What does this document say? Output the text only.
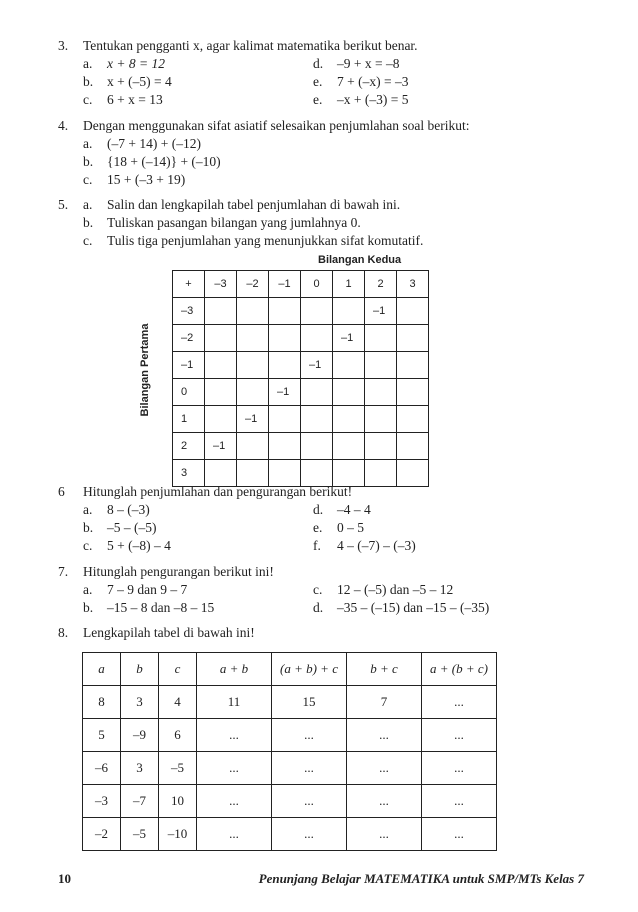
3. Tentukan pengganti x, agar kalimat matematika berikut benar.
a. x + 8 = 12	d. –9 + x = –8
b. x + (–5) = 4	e. 7 + (–x) = –3
c. 6 + x = 13	e. –x + (–3) = 5
4. Dengan menggunakan sifat asiatif selesaikan penjumlahan soal berikut:
a. (–7 + 14) + (–12)
b. {18 + (–14)} + (–10)
c. 15 + (–3 + 19)
5. a. Salin dan lengkapilah tabel penjumlahan di bawah ini.
b. Tuliskan pasangan bilangan yang jumlahnya 0.
c. Tulis tiga penjumlahan yang menunjukkan sifat komutatif.
Bilangan Kedua
Bilangan Pertama
+	–3	–2	–1	0	1	2	3
–3						–1	
–2					–1		
–1				–1			
0			–1				
1		–1					
2	–1						
3							
6 Hitunglah penjumlahan dan pengurangan berikut!
a. 8 – (–3)	d. –4 – 4
b. –5 – (–5)	e. 0 – 5
c. 5 + (–8) – 4	f. 4 – (–7) – (–3)
7. Hitunglah pengurangan berikut ini!
a. 7 – 9 dan 9 – 7	c. 12 – (–5) dan –5 – 12
b. –15 – 8 dan –8 – 15	d. –35 – (–15) dan –15 – (–35)
8. Lengkapilah tabel di bawah ini!
a	b	c	a + b	(a + b) + c	b + c	a + (b + c)
8	3	4	11	15	7	...
5	–9	6	...	...	...	...
–6	3	–5	...	...	...	...
–3	–7	10	...	...	...	...
–2	–5	–10	...	...	...	...
10	Penunjang Belajar MATEMATIKA untuk SMP/MTs Kelas 7
